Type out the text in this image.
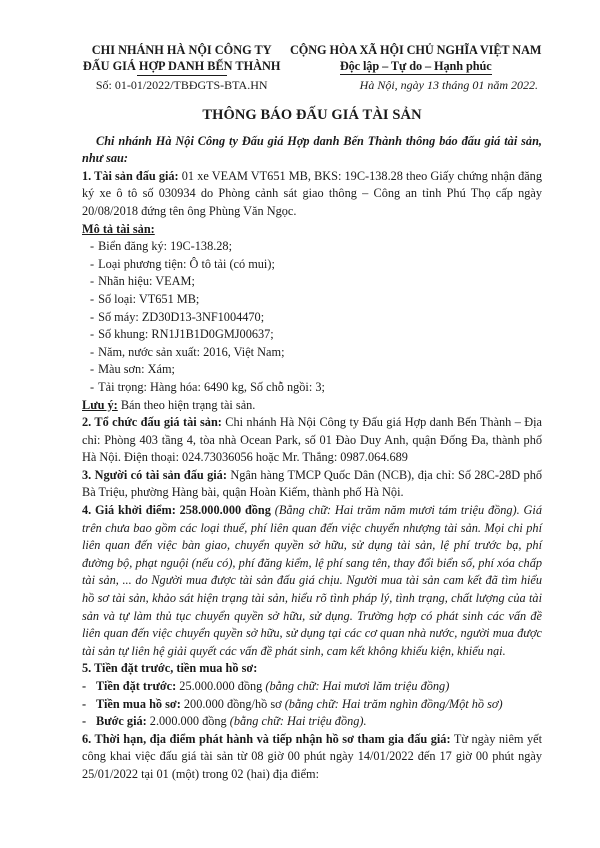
CHI NHÁNH HÀ NỘI CÔNG TY
ĐẤU GIÁ HỢP DANH BẾN THÀNH
Số: 01-01/2022/TBĐGTS-BTA.HN
CỘNG HÒA XÃ HỘI CHỦ NGHĨA VIỆT NAM
Độc lập – Tự do – Hạnh phúc
Hà Nội, ngày 13 tháng 01 năm 2022.
THÔNG BÁO ĐẤU GIÁ TÀI SẢN

Chi nhánh Hà Nội Công ty Đấu giá Hợp danh Bến Thành thông báo đấu giá tài sản, như sau:

1. Tài sản đấu giá: 01 xe VEAM VT651 MB, BKS: 19C-138.28 theo Giấy chứng nhận đăng ký xe ô tô số 030934 do Phòng cảnh sát giao thông – Công an tỉnh Phú Thọ cấp ngày 20/08/2018 đứng tên ông Phùng Văn Ngọc.

Mô tả tài sản:

- Biển đăng ký: 19C-138.28;
- Loại phương tiện: Ô tô tải (có mui);
- Nhãn hiệu: VEAM;
- Số loại: VT651 MB;
- Số máy: ZD30D13-3NF1004470;
- Số khung: RN1J1B1D0GMJ00637;
- Năm, nước sản xuất: 2016, Việt Nam;
- Màu sơn: Xám;
- Tải trọng: Hàng hóa: 6490 kg, Số chỗ ngồi: 3;

Lưu ý: Bán theo hiện trạng tài sản.

2. Tổ chức đấu giá tài sản: Chi nhánh Hà Nội Công ty Đấu giá Hợp danh Bến Thành – Địa chỉ: Phòng 403 tầng 4, tòa nhà Ocean Park, số 01 Đào Duy Anh, quận Đống Đa, thành phố Hà Nội. Điện thoại: 024.73036056 hoặc Mr. Thắng: 0987.064.689

3. Người có tài sản đấu giá: Ngân hàng TMCP Quốc Dân (NCB), địa chỉ: Số 28C-28D phố Bà Triệu, phường Hàng bài, quận Hoàn Kiếm, thành phố Hà Nội.

4. Giá khởi điểm: 258.000.000 đồng (Bằng chữ: Hai trăm năm mươi tám triệu đồng). Giá trên chưa bao gồm các loại thuế, phí liên quan đến việc chuyển nhượng tài sản. Mọi chi phí liên quan đến việc bàn giao, chuyển quyền sở hữu, sử dụng tài sản, lệ phí trước bạ, phí đường bộ, phạt nguội (nếu có), phí đăng kiểm, lệ phí sang tên, thay đổi biển số, phí xóa chấp tài sản, ... do Người mua được tài sản đấu giá chịu. Người mua tài sản cam kết đã tìm hiểu hồ sơ tài sản, khảo sát hiện trạng tài sản, hiểu rõ tình pháp lý, tình trạng, chất lượng của tài sản và tự làm thủ tục chuyển quyền sở hữu, sử dụng. Trường hợp có phát sinh các vấn đề liên quan đến việc chuyển quyền sở hữu, sử dụng tại các cơ quan nhà nước, người mua được tài sản tự liên hệ giải quyết các vấn đề phát sinh, cam kết không khiếu kiện, khiếu nại.

5. Tiền đặt trước, tiền mua hồ sơ:

- Tiền đặt trước: 25.000.000 đồng (bằng chữ: Hai mươi lăm triệu đồng)
- Tiền mua hồ sơ: 200.000 đồng/hồ sơ (bằng chữ: Hai trăm nghìn đồng/Một hồ sơ)
- Bước giá: 2.000.000 đồng (bằng chữ: Hai triệu đồng).

6. Thời hạn, địa điểm phát hành và tiếp nhận hồ sơ tham gia đấu giá: Từ ngày niêm yết công khai việc đấu giá tài sản từ 08 giờ 00 phút ngày 14/01/2022 đến 17 giờ 00 phút ngày 25/01/2022 tại 01 (một) trong 02 (hai) địa điểm:
